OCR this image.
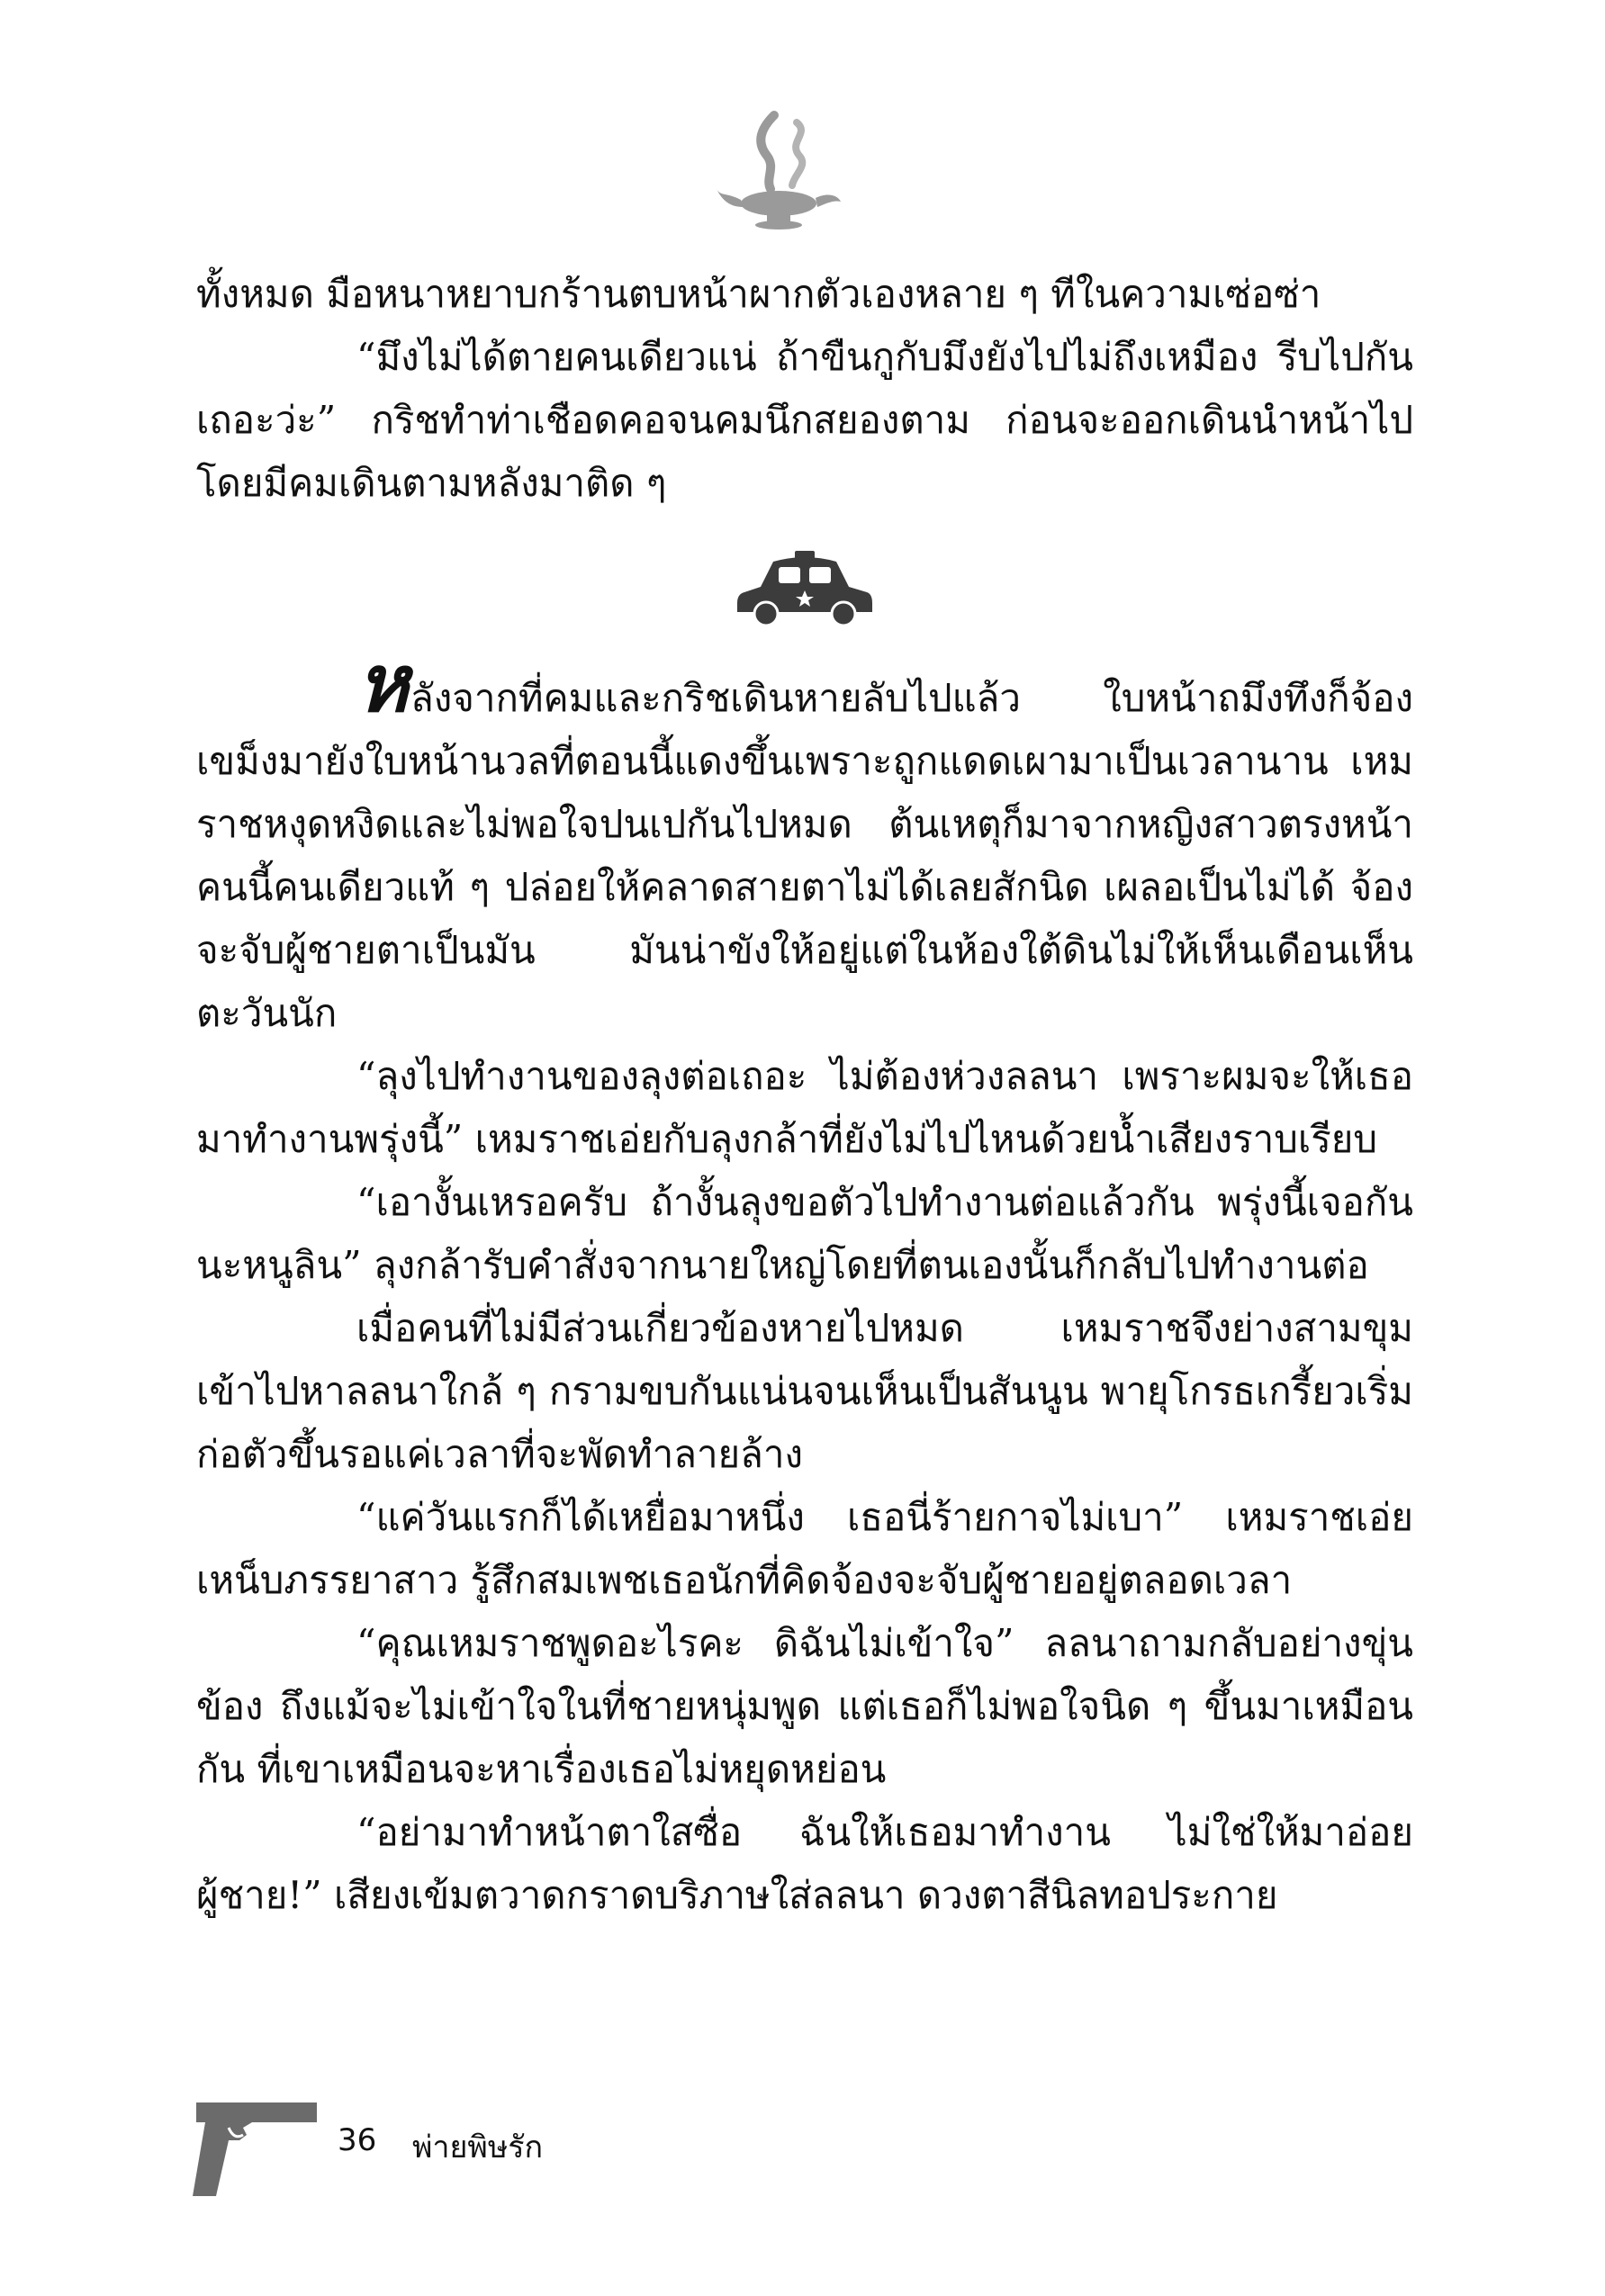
ทั้งหมด มือหนาหยาบกร้านตบหน้าผากตัวเองหลาย ๆ ทีในความเซ่อซ่า

“มึงไม่ได้ตายคนเดียวแน่ ถ้าขืนกูกับมึงยังไปไม่ถึงเหมือง รีบไปกันเถอะว่ะ” กริชทำท่าเชือดคอจนคมนึกสยองตาม ก่อนจะออกเดินนำหน้าไป โดยมีคมเดินตามหลังมาติด ๆ

หลังจากที่คมและกริชเดินหายลับไปแล้ว ใบหน้าถมึงทึงก็จ้องเขม็งมายังใบหน้านวลที่ตอนนี้แดงขึ้นเพราะถูกแดดเผามาเป็นเวลานาน เหมราชหงุดหงิดและไม่พอใจปนเปกันไปหมด ต้นเหตุก็มาจากหญิงสาวตรงหน้าคนนี้คนเดียวแท้ ๆ ปล่อยให้คลาดสายตาไม่ได้เลยสักนิด เผลอเป็นไม่ได้ จ้องจะจับผู้ชายตาเป็นมัน มันน่าขังให้อยู่แต่ในห้องใต้ดินไม่ให้เห็นเดือนเห็นตะวันนัก

“ลุงไปทำงานของลุงต่อเถอะ ไม่ต้องห่วงลลนา เพราะผมจะให้เธอมาทำงานพรุ่งนี้” เหมราชเอ่ยกับลุงกล้าที่ยังไม่ไปไหนด้วยน้ำเสียงราบเรียบ

“เอางั้นเหรอครับ ถ้างั้นลุงขอตัวไปทำงานต่อแล้วกัน พรุ่งนี้เจอกันนะหนูลิน” ลุงกล้ารับคำสั่งจากนายใหญ่โดยที่ตนเองนั้นก็กลับไปทำงานต่อ

เมื่อคนที่ไม่มีส่วนเกี่ยวข้องหายไปหมด เหมราชจึงย่างสามขุมเข้าไปหาลลนาใกล้ ๆ กรามขบกันแน่นจนเห็นเป็นสันนูน พายุโกรธเกรี้ยวเริ่มก่อตัวขึ้นรอแค่เวลาที่จะพัดทำลายล้าง

“แค่วันแรกก็ได้เหยื่อมาหนึ่ง เธอนี่ร้ายกาจไม่เบา” เหมราชเอ่ยเหน็บภรรยาสาว รู้สึกสมเพชเธอนักที่คิดจ้องจะจับผู้ชายอยู่ตลอดเวลา

“คุณเหมราชพูดอะไรคะ ดิฉันไม่เข้าใจ” ลลนาถามกลับอย่างขุ่นข้อง ถึงแม้จะไม่เข้าใจในที่ชายหนุ่มพูด แต่เธอก็ไม่พอใจนิด ๆ ขึ้นมาเหมือนกัน ที่เขาเหมือนจะหาเรื่องเธอไม่หยุดหย่อน

“อย่ามาทำหน้าตาใสซื่อ ฉันให้เธอมาทำงาน ไม่ใช่ให้มาอ่อยผู้ชาย!” เสียงเข้มตวาดกราดบริภาษใส่ลลนา ดวงตาสีนิลทอประกาย

36 พ่ายพิษรัก
